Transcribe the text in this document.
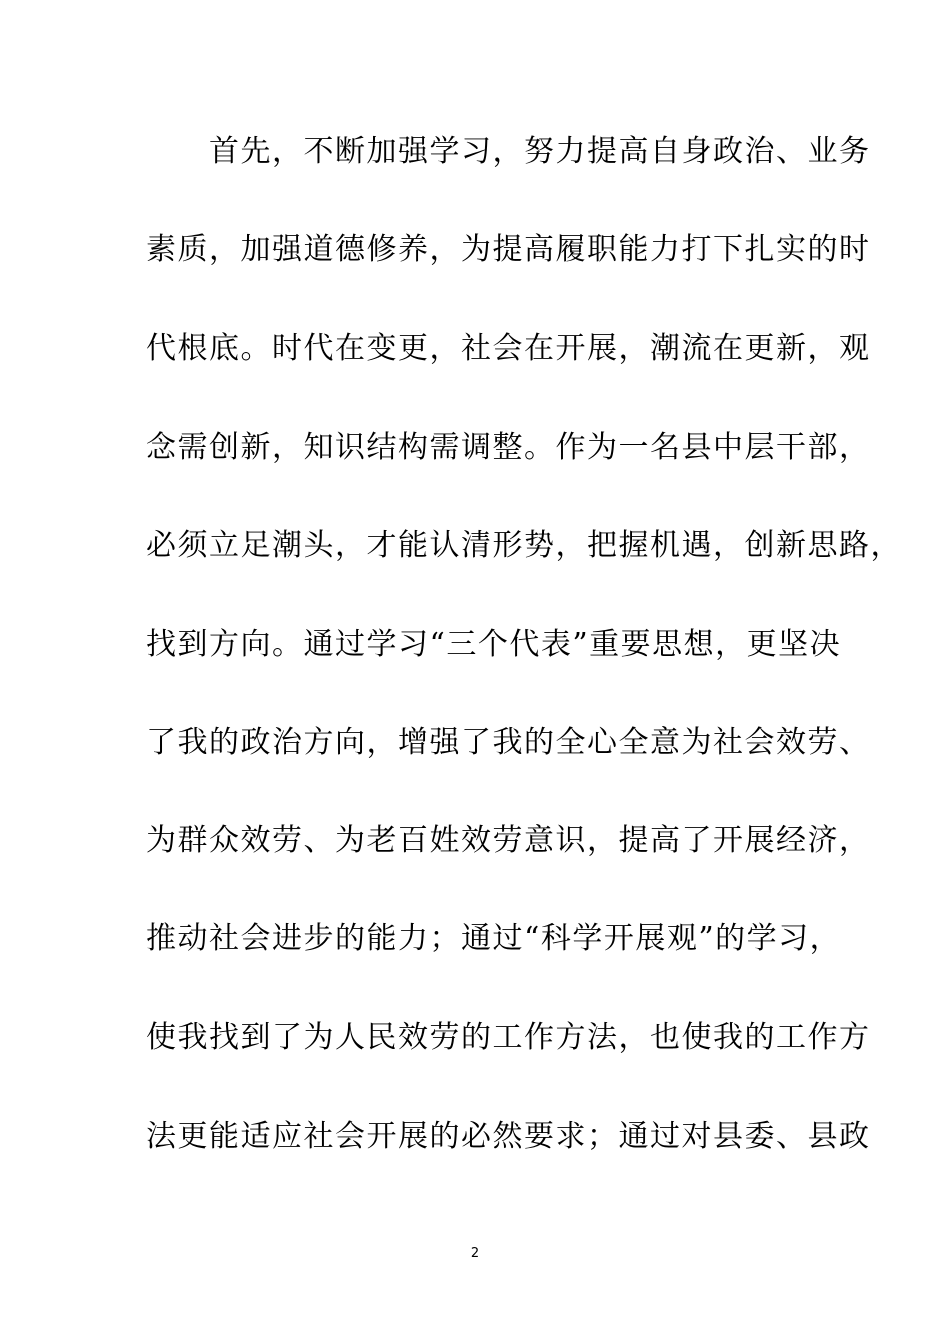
　　首先，不断加强学习，努力提高自身政治、业务
素质，加强道德修养，为提高履职能力打下扎实的时
代根底。时代在变更，社会在开展，潮流在更新，观
念需创新，知识结构需调整。作为一名县中层干部，
必须立足潮头，才能认清形势，把握机遇，创新思路，
找到方向。通过学习“三个代表”重要思想，更坚决
了我的政治方向，增强了我的全心全意为社会效劳、
为群众效劳、为老百姓效劳意识，提高了开展经济，
推动社会进步的能力；通过“科学开展观”的学习，
使我找到了为人民效劳的工作方法，也使我的工作方
法更能适应社会开展的必然要求；通过对县委、县政
2
